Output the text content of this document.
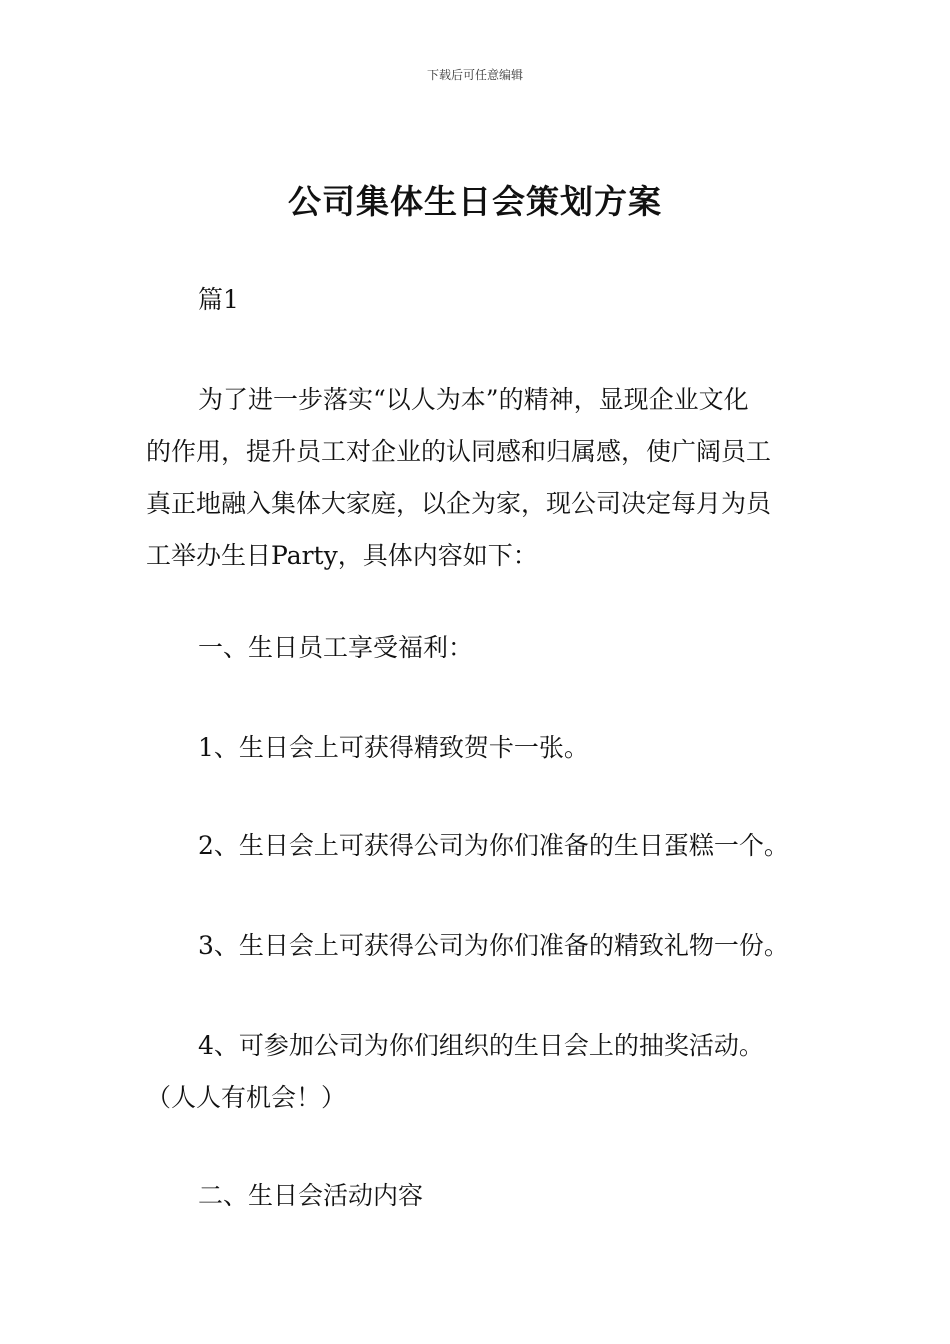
下载后可任意编辑
公司集体生日会策划方案

篇1

为了进一步落实“以人为本”的精神，显现企业文化
的作用，提升员工对企业的认同感和归属感，使广阔员工
真正地融入集体大家庭，以企为家，现公司决定每月为员
工举办生日Party，具体内容如下：

一、生日员工享受福利：

1、生日会上可获得精致贺卡一张。

2、生日会上可获得公司为你们准备的生日蛋糕一个。

3、生日会上可获得公司为你们准备的精致礼物一份。

4、可参加公司为你们组织的生日会上的抽奖活动。
（人人有机会！）

二、生日会活动内容
